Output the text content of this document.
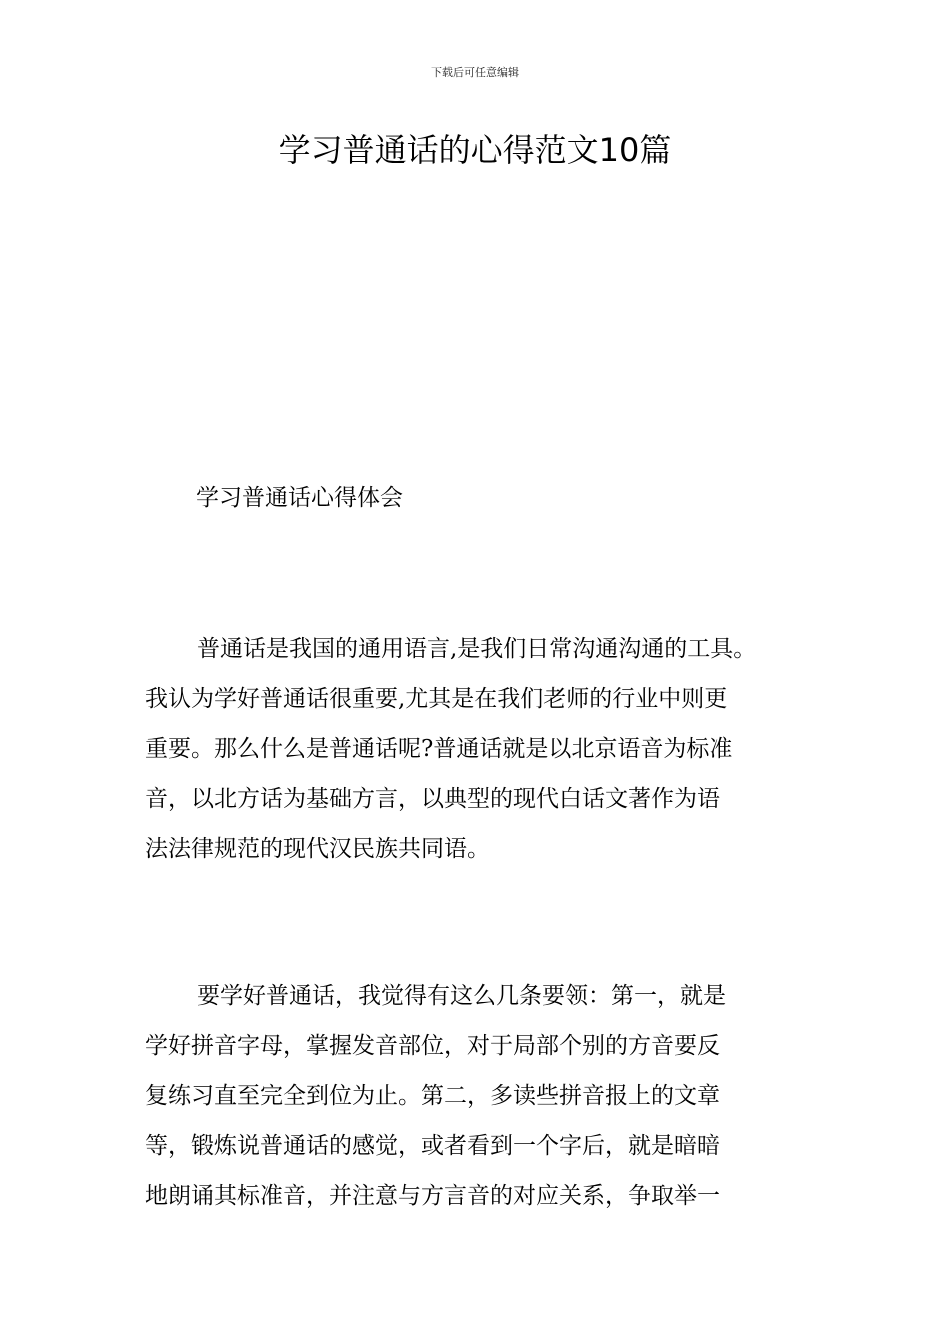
下载后可任意编辑
学习普通话的心得范文10篇
学习普通话心得体会

普通话是我国的通用语言,是我们日常沟通沟通的工具。
我认为学好普通话很重要,尤其是在我们老师的行业中则更
重要。那么什么是普通话呢?普通话就是以北京语音为标准
音，以北方话为基础方言，以典型的现代白话文著作为语
法法律规范的现代汉民族共同语。

要学好普通话，我觉得有这么几条要领：第一，就是
学好拼音字母，掌握发音部位，对于局部个别的方音要反
复练习直至完全到位为止。第二，多读些拼音报上的文章
等，锻炼说普通话的感觉，或者看到一个字后，就是暗暗
地朗诵其标准音，并注意与方言音的对应关系，争取举一
